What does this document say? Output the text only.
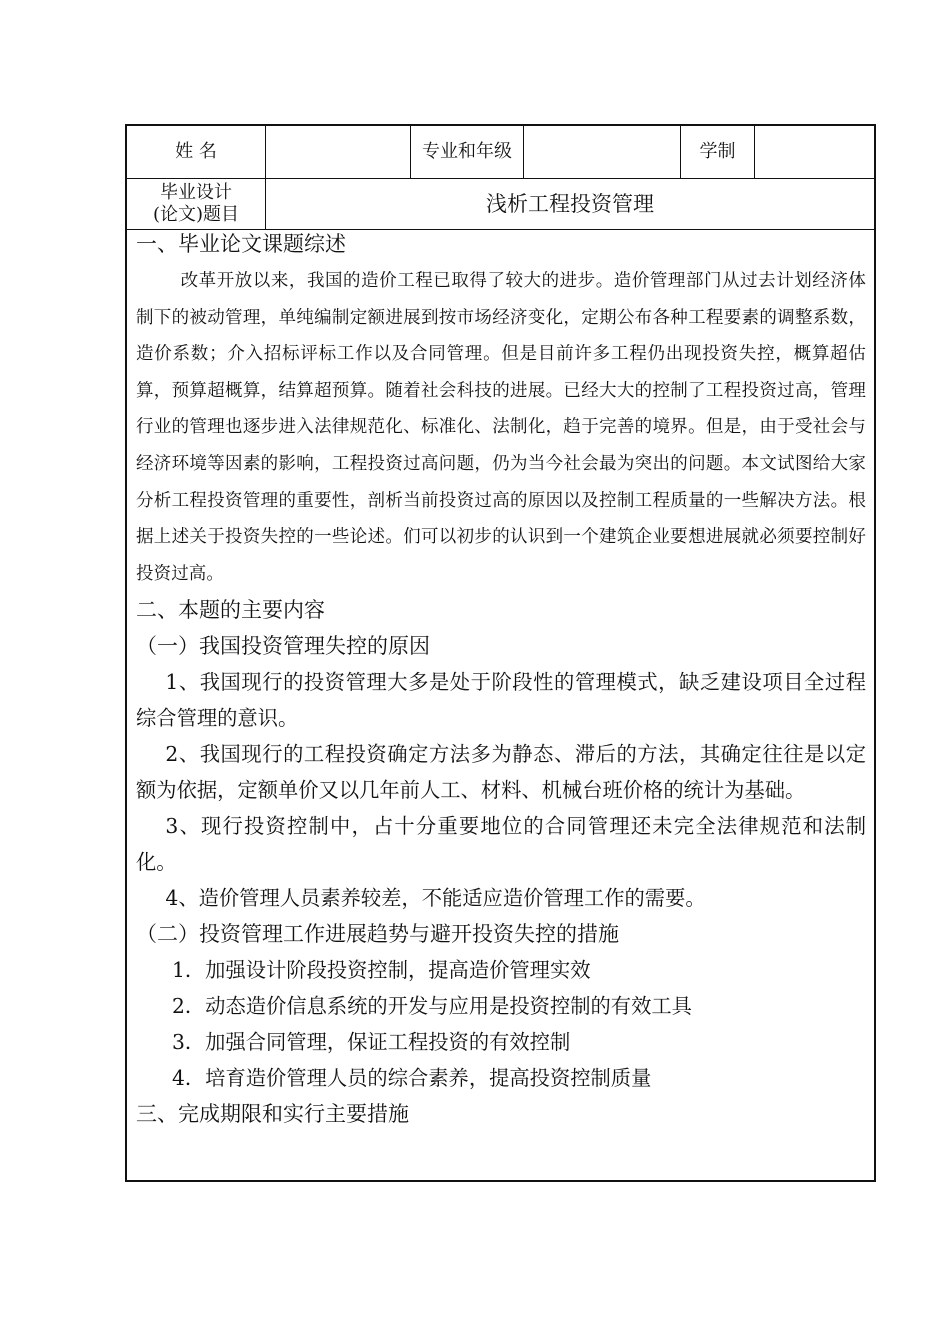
姓 名	专业和年级	学制
毕业设计
(论文)题目	浅析工程投资管理
一、毕业论文课题综述

改革开放以来，我国的造价工程已取得了较大的进步。造价管理部门从过去计划经济体制下的被动管理，单纯编制定额进展到按市场经济变化，定期公布各种工程要素的调整系数，造价系数；介入招标评标工作以及合同管理。但是目前许多工程仍出现投资失控，概算超估算，预算超概算，结算超预算。随着社会科技的进展。已经大大的控制了工程投资过高，管理行业的管理也逐步进入法律规范化、标准化、法制化，趋于完善的境界。但是，由于受社会与经济环境等因素的影响，工程投资过高问题，仍为当今社会最为突出的问题。本文试图给大家分析工程投资管理的重要性，剖析当前投资过高的原因以及控制工程质量的一些解决方法。根据上述关于投资失控的一些论述。们可以初步的认识到一个建筑企业要想进展就必须要控制好投资过高。

二、本题的主要内容
（一）我国投资管理失控的原因

1、我国现行的投资管理大多是处于阶段性的管理模式，缺乏建设项目全过程综合管理的意识。

2、我国现行的工程投资确定方法多为静态、滞后的方法，其确定往往是以定额为依据，定额单价又以几年前人工、材料、机械台班价格的统计为基础。

3、现行投资控制中，占十分重要地位的合同管理还未完全法律规范和法制化。

4、造价管理人员素养较差，不能适应造价管理工作的需要。

（二）投资管理工作进展趋势与避开投资失控的措施

1．加强设计阶段投资控制，提高造价管理实效

2．动态造价信息系统的开发与应用是投资控制的有效工具

3．加强合同管理，保证工程投资的有效控制

4．培育造价管理人员的综合素养，提高投资控制质量

三、完成期限和实行主要措施
